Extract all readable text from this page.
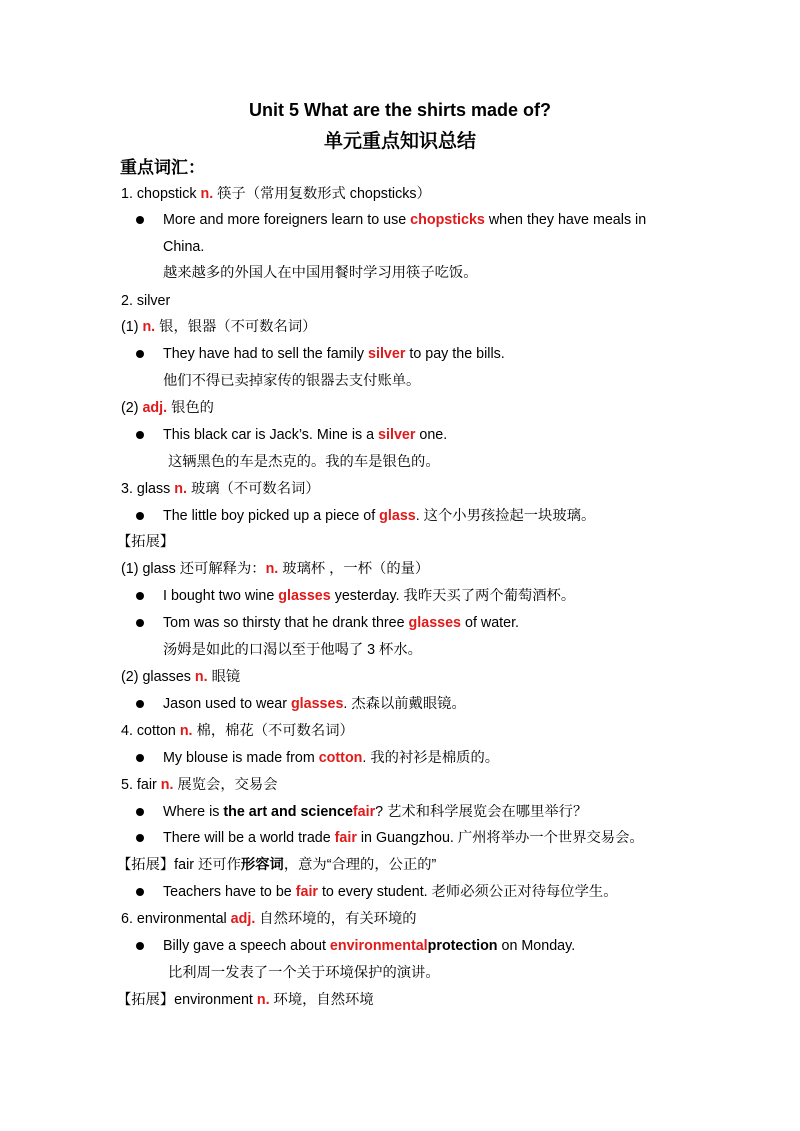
Unit 5 What are the shirts made of?
单元重点知识总结
重点词汇：
1. chopstick n. 筷子（常用复数形式 chopsticks）
More and more foreigners learn to use chopsticks when they have meals in
China.
越来越多的外国人在中国用餐时学习用筷子吃饭。
2. silver
(1) n. 银，银器（不可数名词）
They have had to sell the family silver to pay the bills.
他们不得已卖掉家传的银器去支付账单。
(2) adj. 银色的
This black car is Jack’s. Mine is a silver one.
这辆黑色的车是杰克的。我的车是银色的。
3. glass n. 玻璃（不可数名词）
The little boy picked up a piece of glass. 这个小男孩捡起一块玻璃。
【拓展】
(1) glass 还可解释为：n. 玻璃杯 ，一杯（的量）
I bought two wine glasses yesterday. 我昨天买了两个葡萄酒杯。
Tom was so thirsty that he drank three glasses of water.
汤姆是如此的口渴以至于他喝了 3 杯水。
(2) glasses n. 眼镜
Jason used to wear glasses. 杰森以前戴眼镜。
4. cotton n. 棉，棉花（不可数名词）
My blouse is made from cotton. 我的衬衫是棉质的。
5. fair n. 展览会，交易会
Where is the art and sciencefair? 艺术和科学展览会在哪里举行？
There will be a world trade fair in Guangzhou. 广州将举办一个世界交易会。
【拓展】fair 还可作形容词，意为“合理的，公正的”
Teachers have to be fair to every student. 老师必须公正对待每位学生。
6. environmental adj. 自然环境的，有关环境的
Billy gave a speech about environmentalprotection on Monday.
比利周一发表了一个关于环境保护的演讲。
【拓展】environment n. 环境，自然环境
